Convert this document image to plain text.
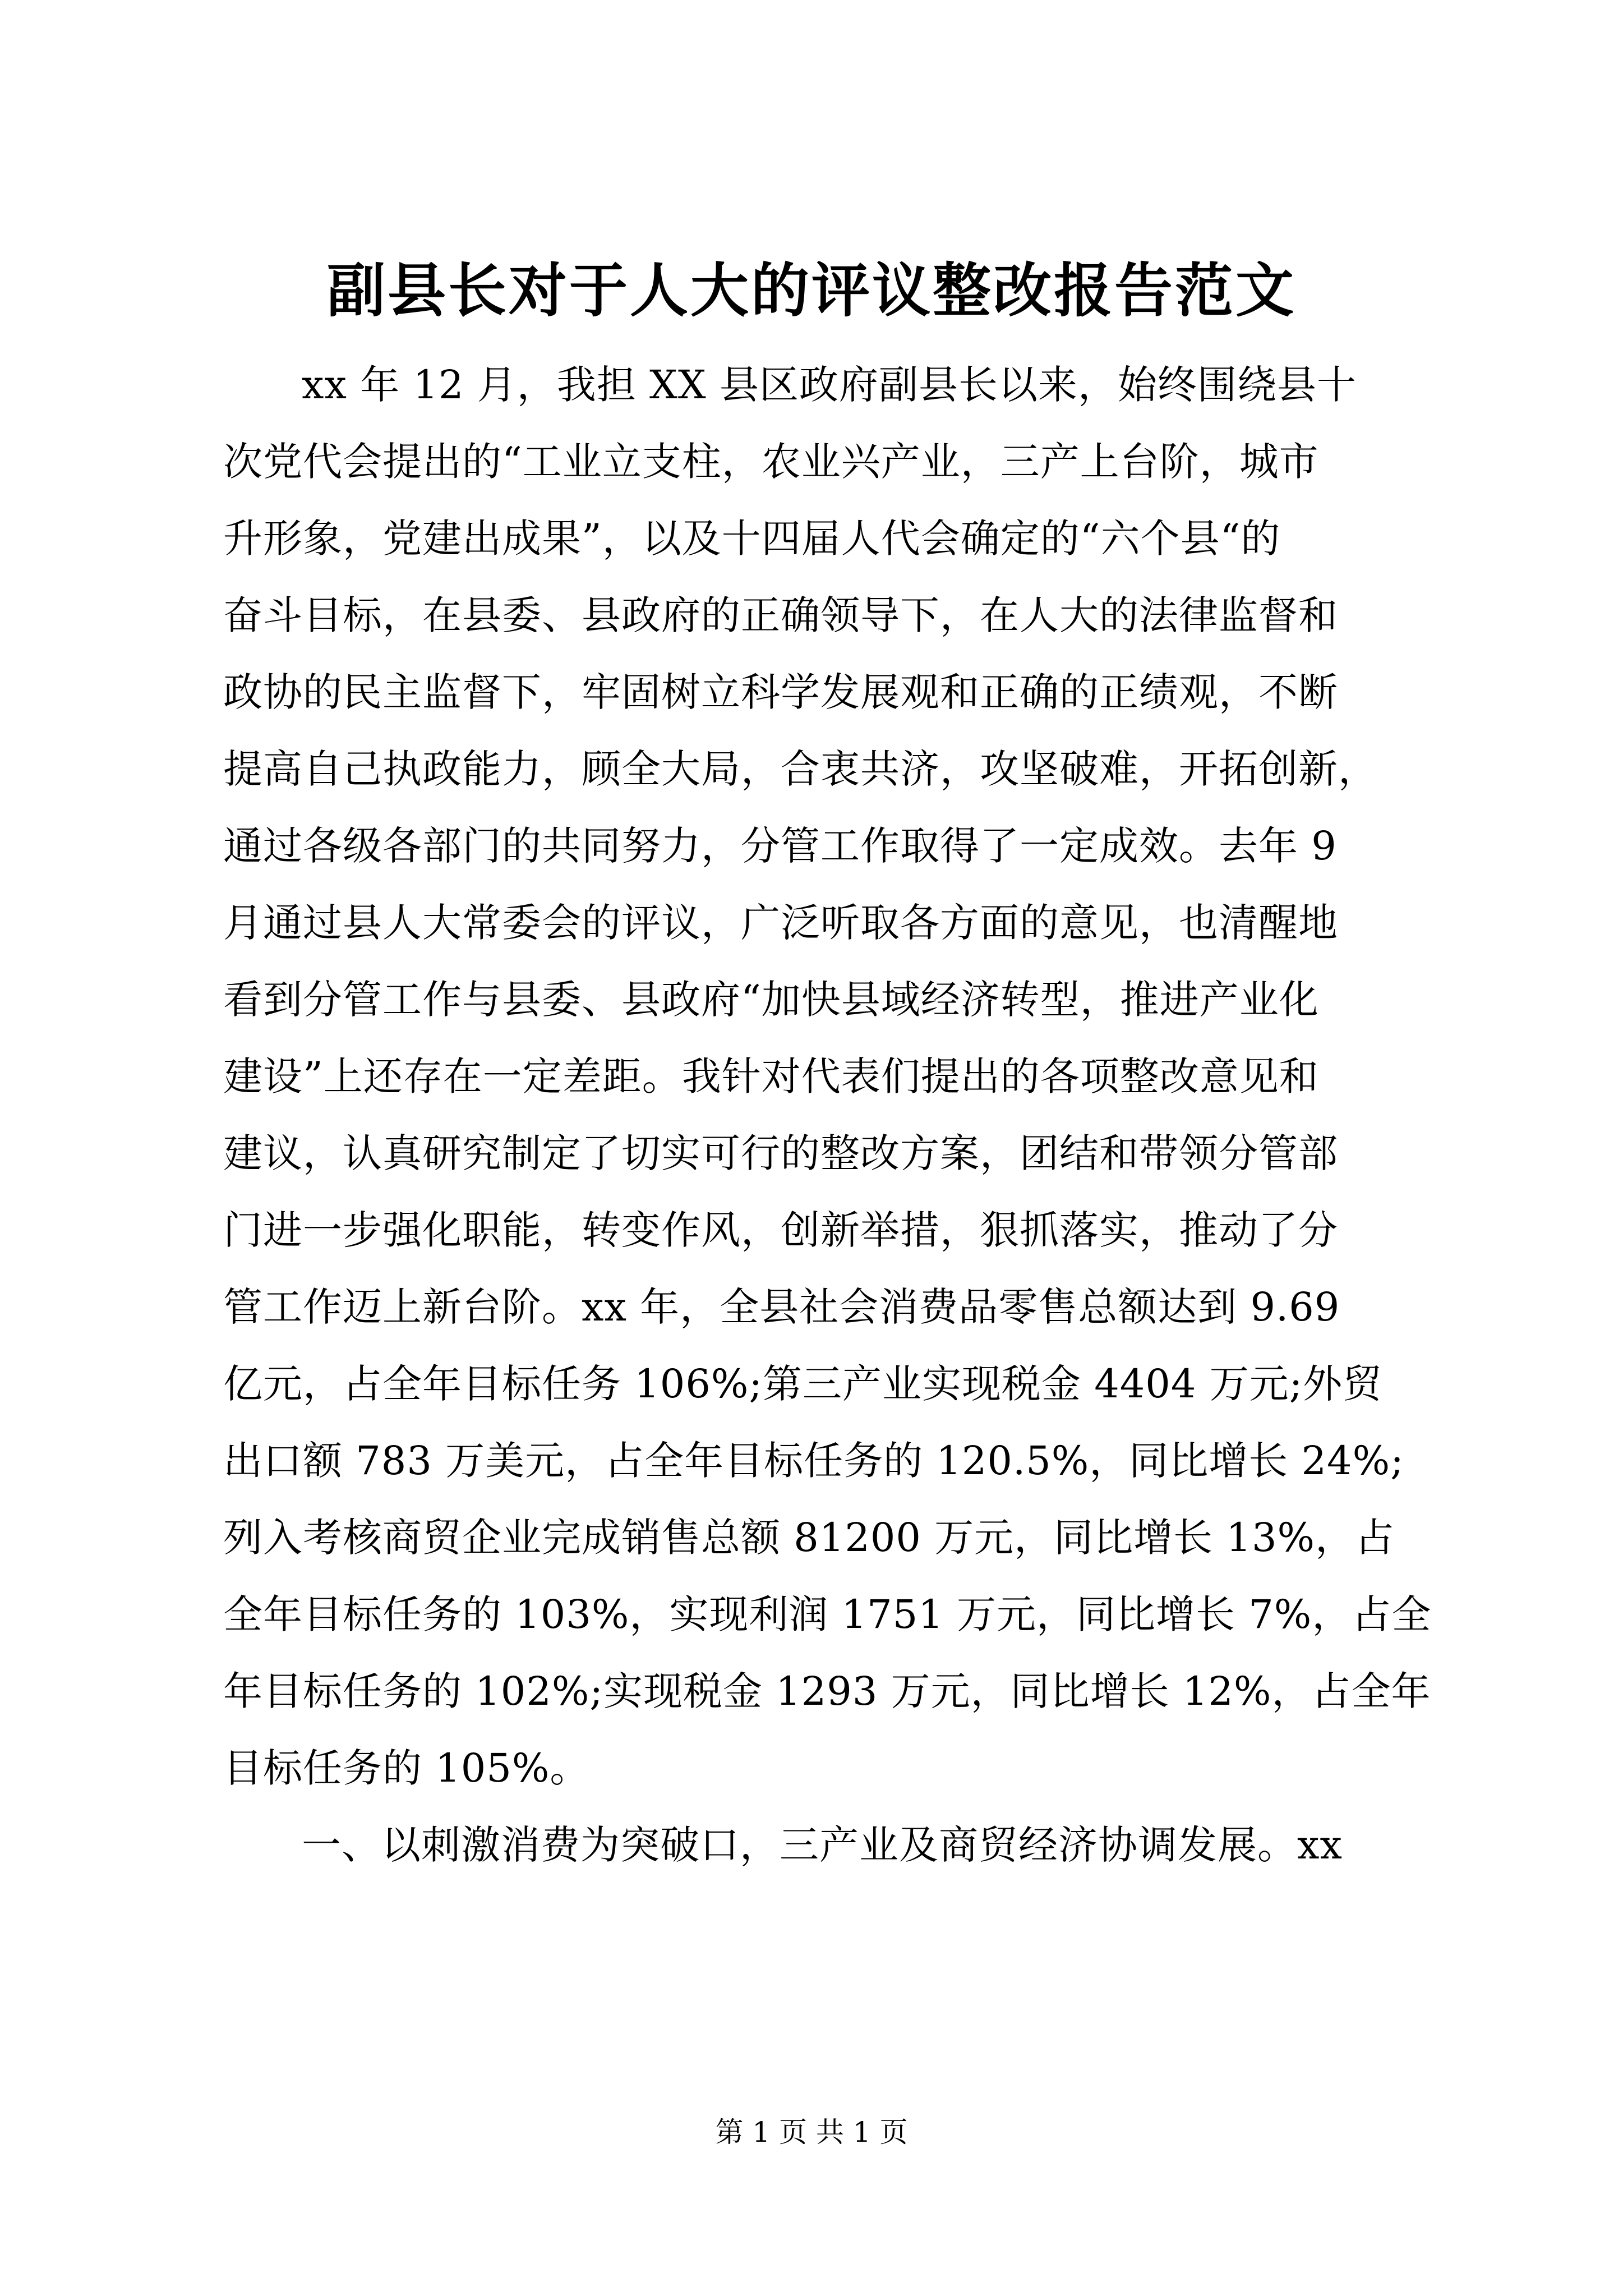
副县长对于人大的评议整改报告范文
xx 年 12 月，我担 XX 县区政府副县长以来，始终围绕县十
次党代会提出的“工业立支柱，农业兴产业，三产上台阶，城市
升形象，党建出成果”，以及十四届人代会确定的“六个县“的
奋斗目标，在县委、县政府的正确领导下，在人大的法律监督和
政协的民主监督下，牢固树立科学发展观和正确的正绩观，不断
提高自己执政能力，顾全大局，合衷共济，攻坚破难，开拓创新，
通过各级各部门的共同努力，分管工作取得了一定成效。去年 9
月通过县人大常委会的评议，广泛听取各方面的意见，也清醒地
看到分管工作与县委、县政府“加快县域经济转型，推进产业化
建设”上还存在一定差距。我针对代表们提出的各项整改意见和
建议，认真研究制定了切实可行的整改方案，团结和带领分管部
门进一步强化职能，转变作风，创新举措，狠抓落实，推动了分
管工作迈上新台阶。xx 年，全县社会消费品零售总额达到 9.69
亿元，占全年目标任务 106%;第三产业实现税金 4404 万元;外贸
出口额 783 万美元，占全年目标任务的 120.5%，同比增长 24%;
列入考核商贸企业完成销售总额 81200 万元，同比增长 13%，占
全年目标任务的 103%，实现利润 1751 万元，同比增长 7%，占全
年目标任务的 102%;实现税金 1293 万元，同比增长 12%，占全年
目标任务的 105%。
一、以刺激消费为突破口，三产业及商贸经济协调发展。xx
第 1 页 共 1 页
